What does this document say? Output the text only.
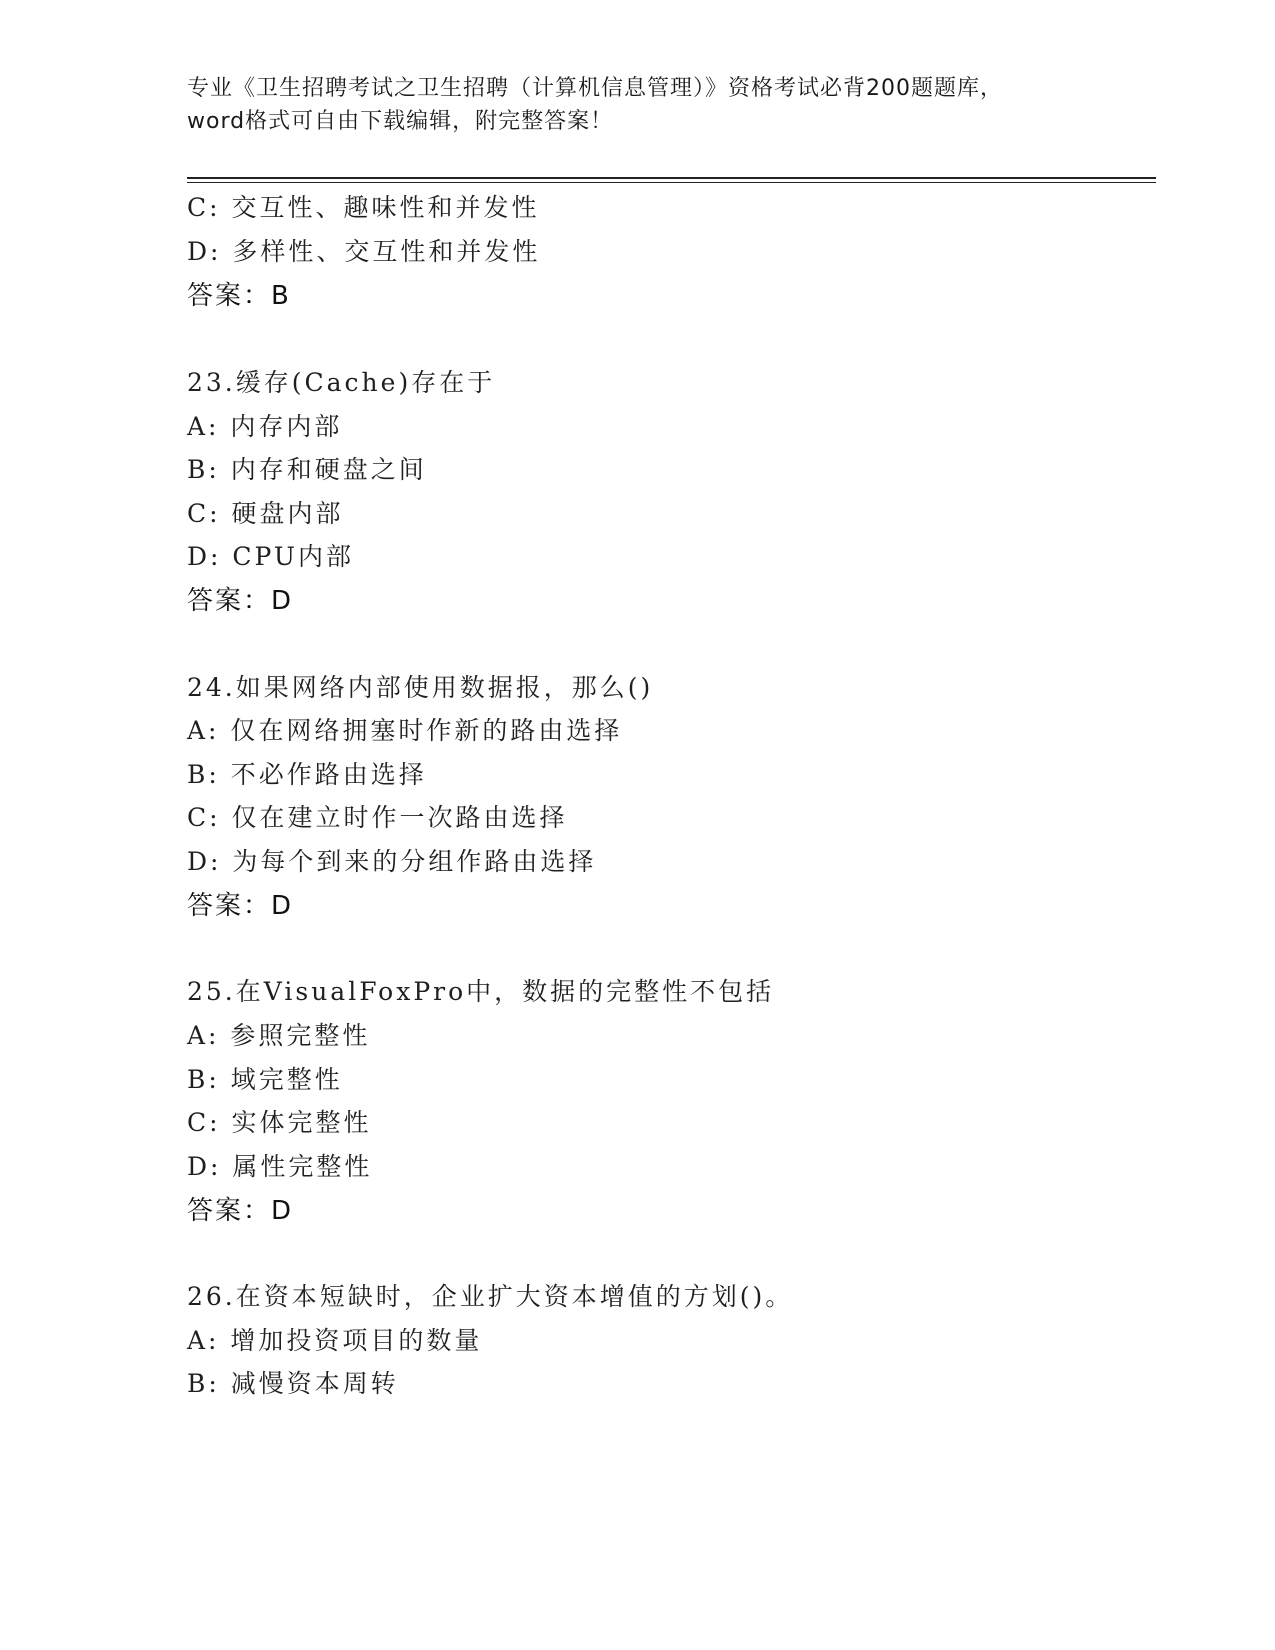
专业《卫生招聘考试之卫生招聘（计算机信息管理）》资格考试必背200题题库，
word格式可自由下载编辑，附完整答案！
C: 交互性、趣味性和并发性
D: 多样性、交互性和并发性
答案：B
23.缓存(Cache)存在于
A: 内存内部
B: 内存和硬盘之间
C: 硬盘内部
D: CPU内部
答案：D
24.如果网络内部使用数据报，那么()
A: 仅在网络拥塞时作新的路由选择
B: 不必作路由选择
C: 仅在建立时作一次路由选择
D: 为每个到来的分组作路由选择
答案：D
25.在VisualFoxPro中，数据的完整性不包括
A: 参照完整性
B: 域完整性
C: 实体完整性
D: 属性完整性
答案：D
26.在资本短缺时，企业扩大资本增值的方划()。
A: 增加投资项目的数量
B: 减慢资本周转
